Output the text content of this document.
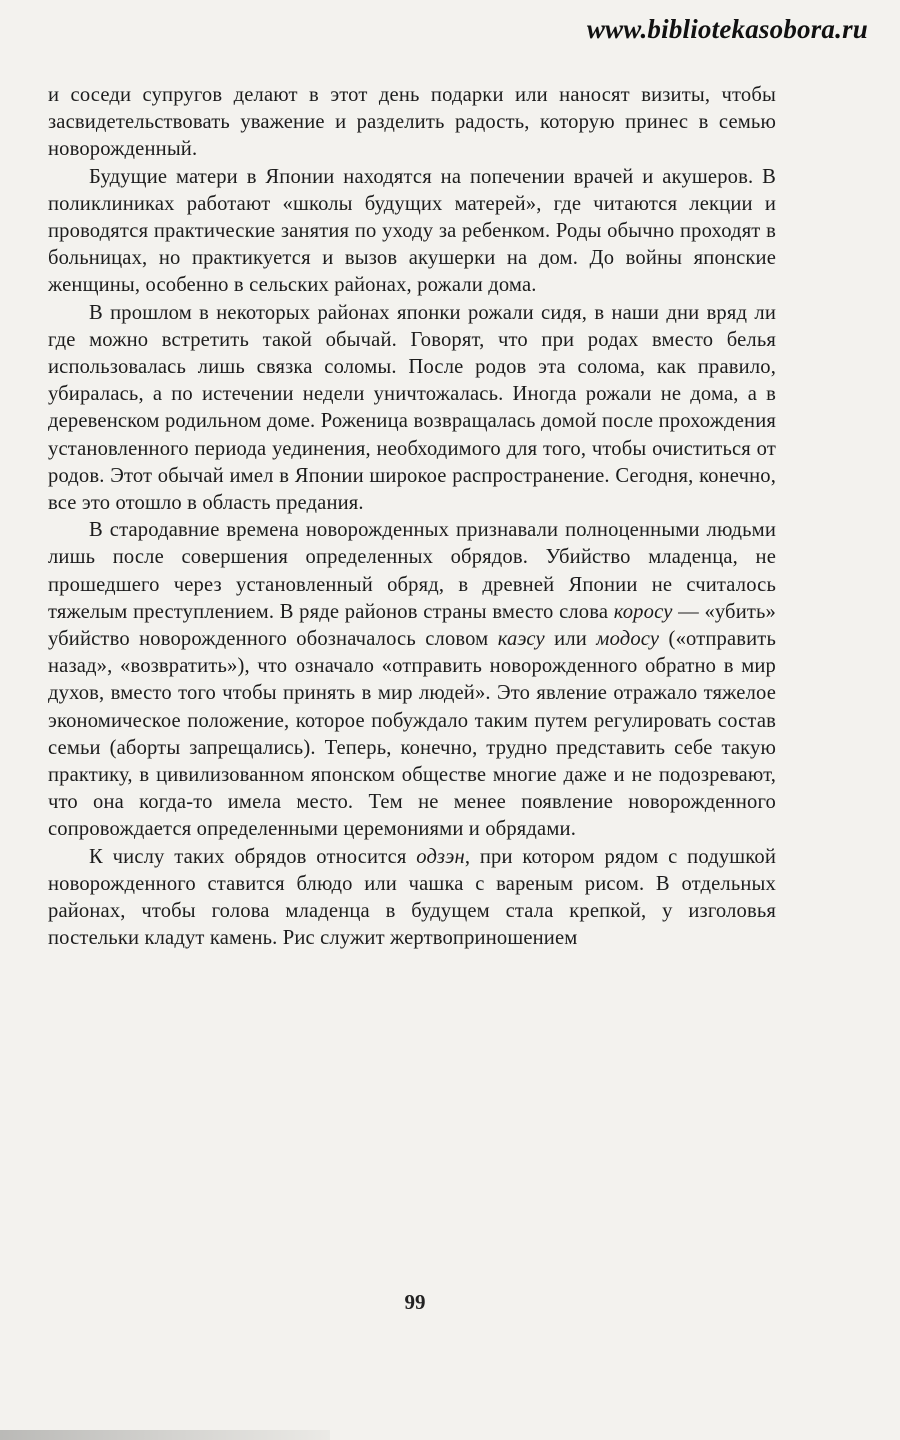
www.bibliotekasobora.ru

и соседи супругов делают в этот день подарки или наносят визиты, чтобы засвидетельствовать уважение и разделить радость, которую принес в семью новорожденный.

Будущие матери в Японии находятся на попечении врачей и акушеров. В поликлиниках работают «школы будущих матерей», где читаются лекции и проводятся практические занятия по уходу за ребенком. Роды обычно проходят в больницах, но практикуется и вызов акушерки на дом. До войны японские женщины, особенно в сельских районах, рожали дома.

В прошлом в некоторых районах японки рожали сидя, в наши дни вряд ли где можно встретить такой обычай. Говорят, что при родах вместо белья использовалась лишь связка соломы. После родов эта солома, как правило, убиралась, а по истечении недели уничтожалась. Иногда рожали не дома, а в деревенском родильном доме. Роженица возвращалась домой после прохождения установленного периода уединения, необходимого для того, чтобы очиститься от родов. Этот обычай имел в Японии широкое распространение. Сегодня, конечно, все это отошло в область предания.

В стародавние времена новорожденных признавали полноценными людьми лишь после совершения определенных обрядов. Убийство младенца, не прошедшего через установленный обряд, в древней Японии не считалось тяжелым преступлением. В ряде районов страны вместо слова коросу — «убить» убийство новорожденного обозначалось словом каэсу или модосу («отправить назад», «возвратить»), что означало «отправить новорожденного обратно в мир духов, вместо того чтобы принять в мир людей». Это явление отражало тяжелое экономическое положение, которое побуждало таким путем регулировать состав семьи (аборты запрещались). Теперь, конечно, трудно представить себе такую практику, в цивилизованном японском обществе многие даже и не подозревают, что она когда-то имела место. Тем не менее появление новорожденного сопровождается определенными церемониями и обрядами.

К числу таких обрядов относится одзэн, при котором рядом с подушкой новорожденного ставится блюдо или чашка с вареным рисом. В отдельных районах, чтобы голова младенца в будущем стала крепкой, у изголовья постельки кладут камень. Рис служит жертвоприношением

99
